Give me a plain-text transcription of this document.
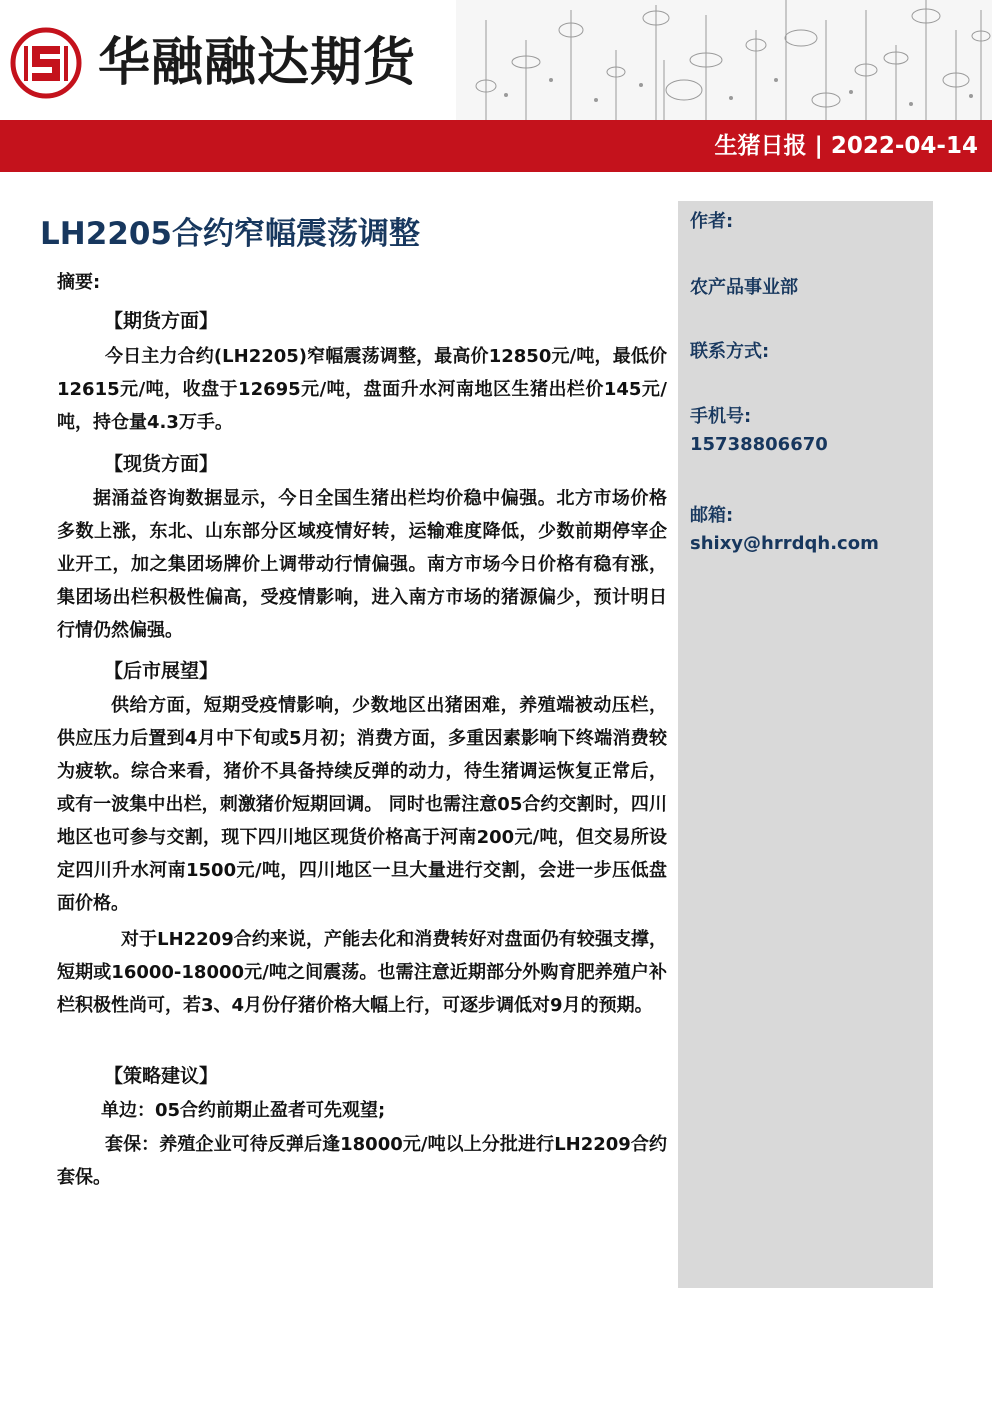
华融融达期货
生猪日报 | 2022-04-14
作者:
农产品事业部
联系方式:
手机号:
15738806670
邮箱:
shixy@hrrdqh.com
LH2205合约窄幅震荡调整
摘要:
【期货方面】
今日主力合约(LH2205)窄幅震荡调整，最高价12850元/吨，最低价12615元/吨，收盘于12695元/吨，盘面升水河南地区生猪出栏价145元/吨，持仓量4.3万手。
【现货方面】
据涌益咨询数据显示，今日全国生猪出栏均价稳中偏强。北方市场价格多数上涨，东北、山东部分区域疫情好转，运输难度降低，少数前期停宰企业开工，加之集团场牌价上调带动行情偏强。南方市场今日价格有稳有涨，集团场出栏积极性偏高，受疫情影响，进入南方市场的猪源偏少，预计明日行情仍然偏强。
【后市展望】
供给方面，短期受疫情影响，少数地区出猪困难，养殖端被动压栏，供应压力后置到4月中下旬或5月初；消费方面，多重因素影响下终端消费较为疲软。综合来看，猪价不具备持续反弹的动力，待生猪调运恢复正常后，或有一波集中出栏，刺激猪价短期回调。 同时也需注意05合约交割时，四川地区也可参与交割，现下四川地区现货价格高于河南200元/吨，但交易所设定四川升水河南1500元/吨，四川地区一旦大量进行交割，会进一步压低盘面价格。
对于LH2209合约来说，产能去化和消费转好对盘面仍有较强支撑，短期或16000-18000元/吨之间震荡。也需注意近期部分外购育肥养殖户补栏积极性尚可，若3、4月份仔猪价格大幅上行，可逐步调低对9月的预期。
【策略建议】
单边：05合约前期止盈者可先观望;
套保：养殖企业可待反弹后逢18000元/吨以上分批进行LH2209合约套保。
